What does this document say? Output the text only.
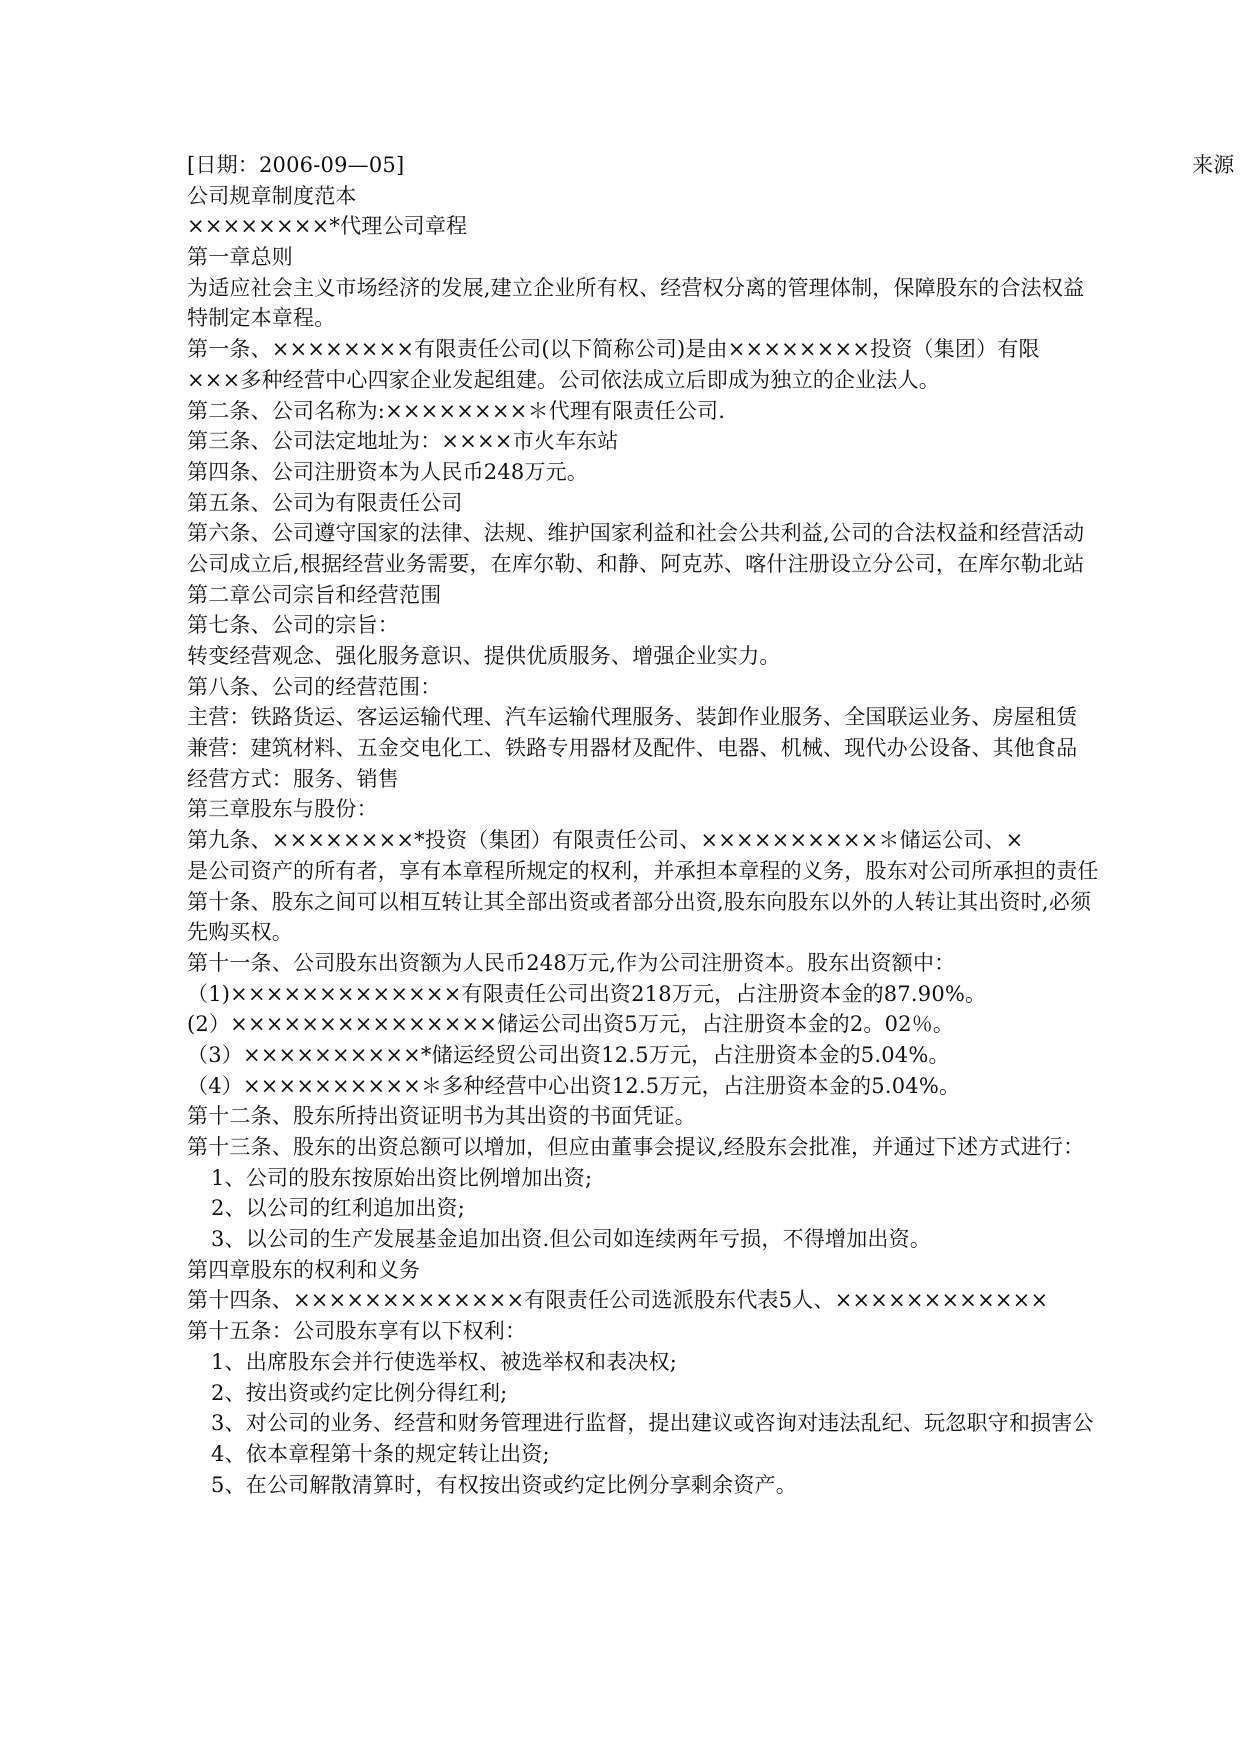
[日期：2006-09—05]	来源
公司规章制度范本
××××××××*代理公司章程
第一章总则
为适应社会主义市场经济的发展,建立企业所有权、经营权分离的管理体制，保障股东的合法权益
特制定本章程。
第一条、××××××××有限责任公司(以下简称公司)是由××××××××投资（集团）有限
×××多种经营中心四家企业发起组建。公司依法成立后即成为独立的企业法人。
第二条、公司名称为:××××××××＊代理有限责任公司.
第三条、公司法定地址为：××××市火车东站
第四条、公司注册资本为人民币248万元。
第五条、公司为有限责任公司
第六条、公司遵守国家的法律、法规、维护国家利益和社会公共利益,公司的合法权益和经营活动
公司成立后,根据经营业务需要，在库尔勒、和静、阿克苏、喀什注册设立分公司，在库尔勒北站
第二章公司宗旨和经营范围
第七条、公司的宗旨：
转变经营观念、强化服务意识、提供优质服务、增强企业实力。
第八条、公司的经营范围：
主营：铁路货运、客运运输代理、汽车运输代理服务、装卸作业服务、全国联运业务、房屋租赁
兼营：建筑材料、五金交电化工、铁路专用器材及配件、电器、机械、现代办公设备、其他食品
经营方式：服务、销售
第三章股东与股份：
第九条、××××××××*投资（集团）有限责任公司、××××××××××＊储运公司、×
是公司资产的所有者，享有本章程所规定的权利，并承担本章程的义务，股东对公司所承担的责任
第十条、股东之间可以相互转让其全部出资或者部分出资,股东向股东以外的人转让其出资时,必须
先购买权。
第十一条、公司股东出资额为人民币248万元,作为公司注册资本。股东出资额中：
（1)×××××××××××××有限责任公司出资218万元，占注册资本金的87.90%。
(2）×××××××××××××××储运公司出资5万元，占注册资本金的2。02％。
（3）××××××××××*储运经贸公司出资12.5万元，占注册资本金的5.04%。
（4）××××××××××＊多种经营中心出资12.5万元，占注册资本金的5.04%。
第十二条、股东所持出资证明书为其出资的书面凭证。
第十三条、股东的出资总额可以增加，但应由董事会提议,经股东会批准，并通过下述方式进行：
1、公司的股东按原始出资比例增加出资;
2、以公司的红利追加出资;
3、以公司的生产发展基金追加出资.但公司如连续两年亏损，不得增加出资。
第四章股东的权利和义务
第十四条、×××××××××××××有限责任公司选派股东代表5人、××××××××××××
第十五条：公司股东享有以下权利：
1、出席股东会并行使选举权、被选举权和表决权;
2、按出资或约定比例分得红利;
3、对公司的业务、经营和财务管理进行监督，提出建议或咨询对违法乱纪、玩忽职守和损害公
4、依本章程第十条的规定转让出资;
5、在公司解散清算时，有权按出资或约定比例分享剩余资产。
